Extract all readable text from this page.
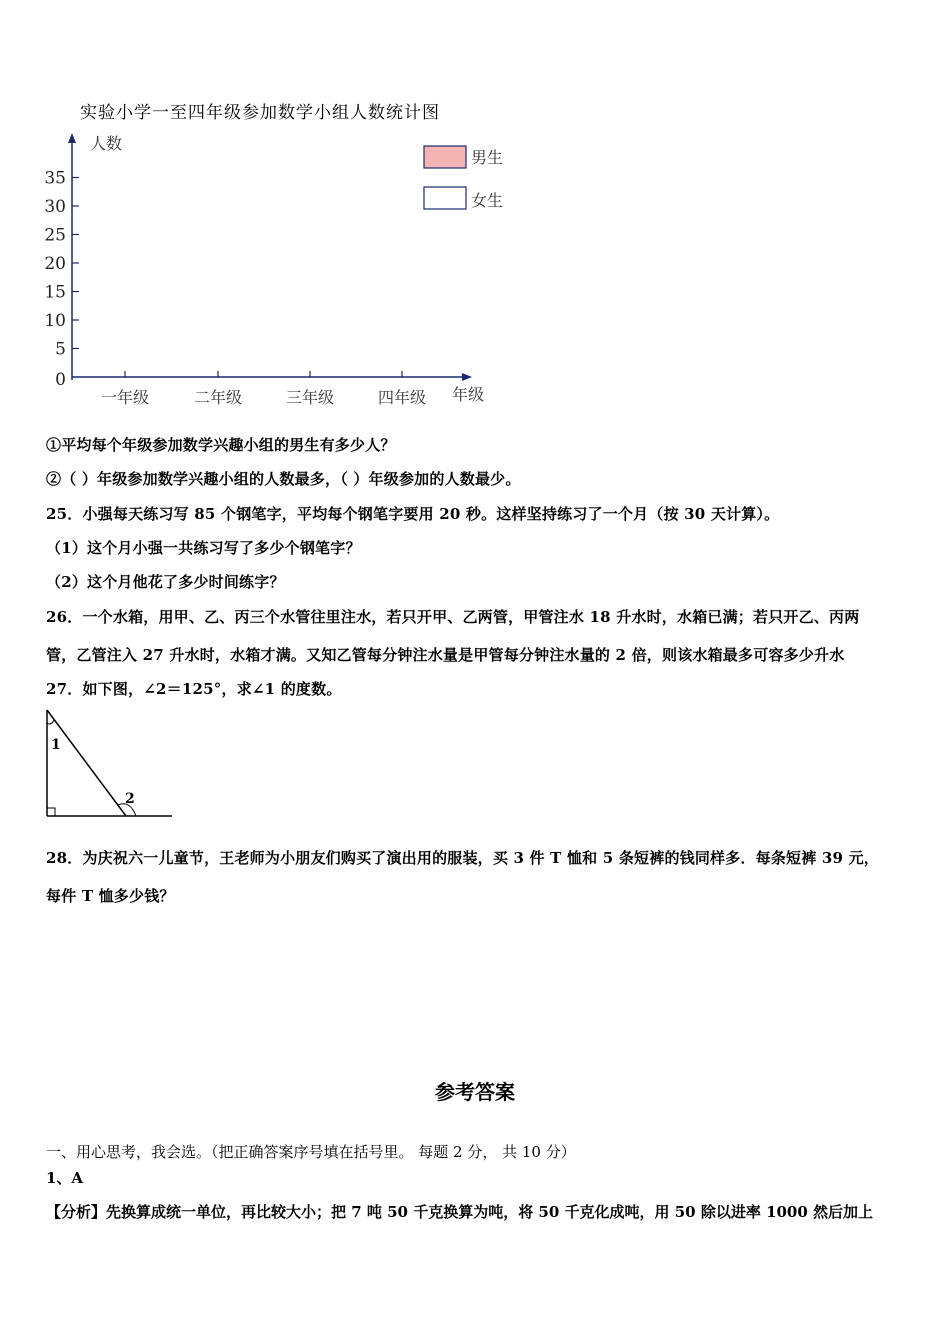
实验小学一至四年级参加数学小组人数统计图
人数
年级
男生
女生
0
5
10
15
20
25
30
35
一年级	二年级	三年级	四年级
①平均每个年级参加数学兴趣小组的男生有多少人？
②（ ）年级参加数学兴趣小组的人数最多，（ ）年级参加的人数最少。
25．小强每天练习写 85 个钢笔字，平均每个钢笔字要用 20 秒。这样坚持练习了一个月（按 30 天计算）。
（1）这个月小强一共练习写了多少个钢笔字？
（2）这个月他花了多少时间练字？
26．一个水箱，用甲、乙、丙三个水管往里注水，若只开甲、乙两管，甲管注水 18 升水时，水箱已满；若只开乙、丙两
管，乙管注入 27 升水时，水箱才满。又知乙管每分钟注水量是甲管每分钟注水量的 2 倍，则该水箱最多可容多少升水
27．如下图，∠2＝125°，求∠1 的度数。
1
2
28．为庆祝六一儿童节，王老师为小朋友们购买了演出用的服装，买 3 件 T 恤和 5 条短裤的钱同样多．每条短裤 39 元，
每件 T 恤多少钱？
参考答案
一、用心思考，我会选。（把正确答案序号填在括号里。 每题 2 分， 共 10 分）
1、A
【分析】先换算成统一单位，再比较大小；把 7 吨 50 千克换算为吨，将 50 千克化成吨，用 50 除以进率 1000 然后加上
